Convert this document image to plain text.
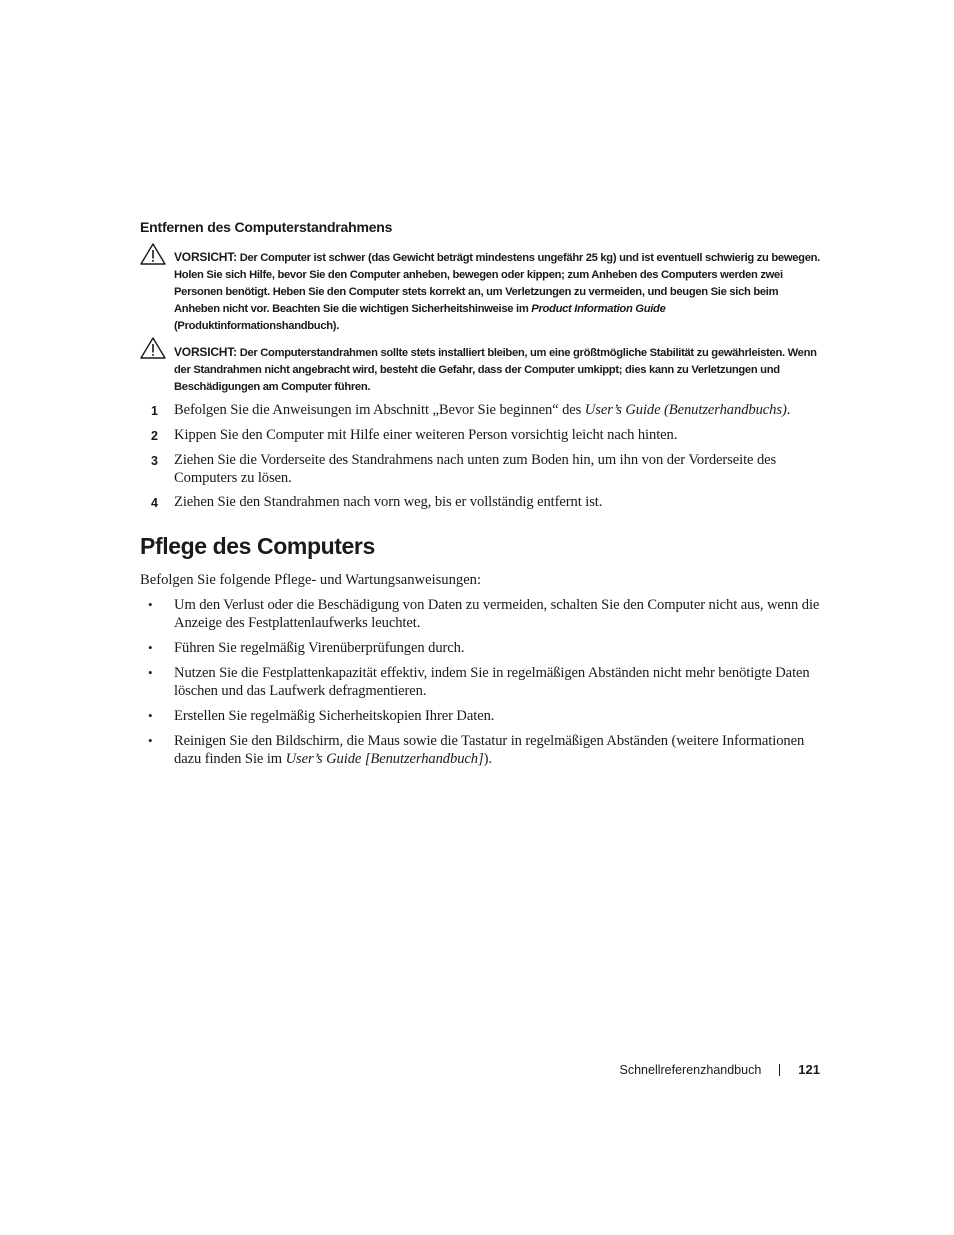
Entfernen des Computerstandrahmens
VORSICHT: Der Computer ist schwer (das Gewicht beträgt mindestens ungefähr 25 kg) und ist eventuell schwierig zu bewegen. Holen Sie sich Hilfe, bevor Sie den Computer anheben, bewegen oder kippen; zum Anheben des Computers werden zwei Personen benötigt. Heben Sie den Computer stets korrekt an, um Verletzungen zu vermeiden, und beugen Sie sich beim Anheben nicht vor. Beachten Sie die wichtigen Sicherheitshinweise im Product Information Guide (Produktinformationshandbuch).
VORSICHT: Der Computerstandrahmen sollte stets installiert bleiben, um eine größtmögliche Stabilität zu gewährleisten. Wenn der Standrahmen nicht angebracht wird, besteht die Gefahr, dass der Computer umkippt; dies kann zu Verletzungen und Beschädigungen am Computer führen.
1 Befolgen Sie die Anweisungen im Abschnitt „Bevor Sie beginnen“ des User’s Guide (Benutzerhandbuchs).
2 Kippen Sie den Computer mit Hilfe einer weiteren Person vorsichtig leicht nach hinten.
3 Ziehen Sie die Vorderseite des Standrahmens nach unten zum Boden hin, um ihn von der Vorderseite des Computers zu lösen.
4 Ziehen Sie den Standrahmen nach vorn weg, bis er vollständig entfernt ist.
Pflege des Computers

Befolgen Sie folgende Pflege- und Wartungsanweisungen:

• Um den Verlust oder die Beschädigung von Daten zu vermeiden, schalten Sie den Computer nicht aus, wenn die Anzeige des Festplattenlaufwerks leuchtet.
• Führen Sie regelmäßig Virenüberprüfungen durch.
• Nutzen Sie die Festplattenkapazität effektiv, indem Sie in regelmäßigen Abständen nicht mehr benötigte Daten löschen und das Laufwerk defragmentieren.
• Erstellen Sie regelmäßig Sicherheitskopien Ihrer Daten.
• Reinigen Sie den Bildschirm, die Maus sowie die Tastatur in regelmäßigen Abständen (weitere Informationen dazu finden Sie im User’s Guide [Benutzerhandbuch]).
Schnellreferenzhandbuch	121
